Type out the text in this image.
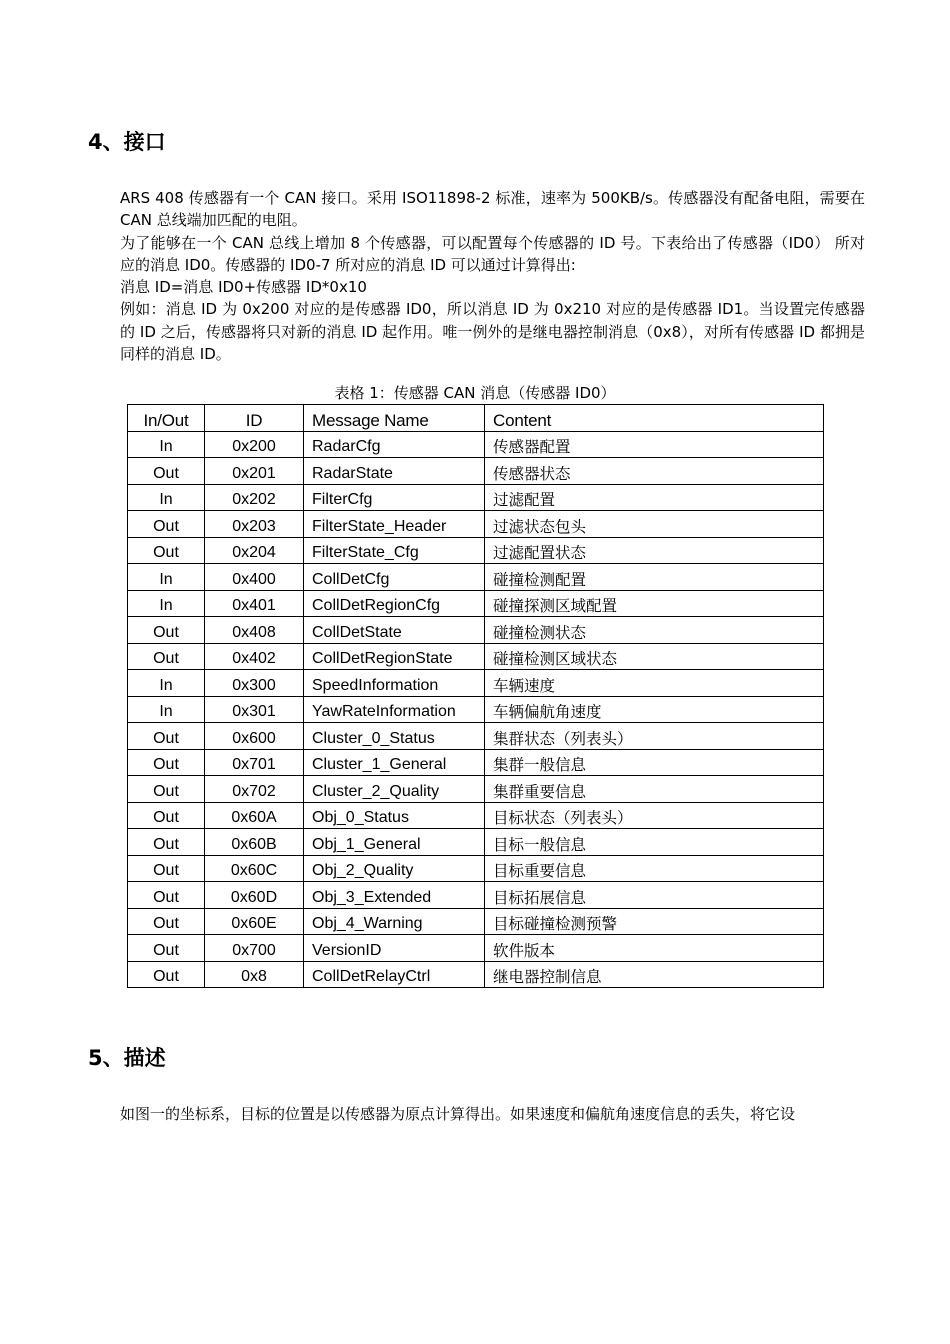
4、接口

ARS 408 传感器有一个 CAN 接口。采用 ISO11898-2 标准，速率为 500KB/s。传感器没有配备电阻，需要在 CAN 总线端加匹配的电阻。

为了能够在一个 CAN 总线上增加 8 个传感器，可以配置每个传感器的 ID 号。下表给出了传感器（ID0） 所对应的消息 ID0。传感器的 ID0-7 所对应的消息 ID 可以通过计算得出:

消息 ID=消息 ID0+传感器 ID*0x10

例如：消息 ID 为 0x200 对应的是传感器 ID0，所以消息 ID 为 0x210 对应的是传感器 ID1。当设置完传感器的 ID 之后，传感器将只对新的消息 ID 起作用。唯一例外的是继电器控制消息（0x8），对所有传感器 ID 都拥是同样的消息 ID。

表格 1：传感器 CAN 消息（传感器 ID0）

In/Out	ID	Message Name	Content
In	0x200	RadarCfg	传感器配置
Out	0x201	RadarState	传感器状态
In	0x202	FilterCfg	过滤配置
Out	0x203	FilterState_Header	过滤状态包头
Out	0x204	FilterState_Cfg	过滤配置状态
In	0x400	CollDetCfg	碰撞检测配置
In	0x401	CollDetRegionCfg	碰撞探测区域配置
Out	0x408	CollDetState	碰撞检测状态
Out	0x402	CollDetRegionState	碰撞检测区域状态
In	0x300	SpeedInformation	车辆速度
In	0x301	YawRateInformation	车辆偏航角速度
Out	0x600	Cluster_0_Status	集群状态（列表头）
Out	0x701	Cluster_1_General	集群一般信息
Out	0x702	Cluster_2_Quality	集群重要信息
Out	0x60A	Obj_0_Status	目标状态（列表头）
Out	0x60B	Obj_1_General	目标一般信息
Out	0x60C	Obj_2_Quality	目标重要信息
Out	0x60D	Obj_3_Extended	目标拓展信息
Out	0x60E	Obj_4_Warning	目标碰撞检测预警
Out	0x700	VersionID	软件版本
Out	0x8	CollDetRelayCtrl	继电器控制信息
5、描述

如图一的坐标系，目标的位置是以传感器为原点计算得出。如果速度和偏航角速度信息的丢失，将它设
